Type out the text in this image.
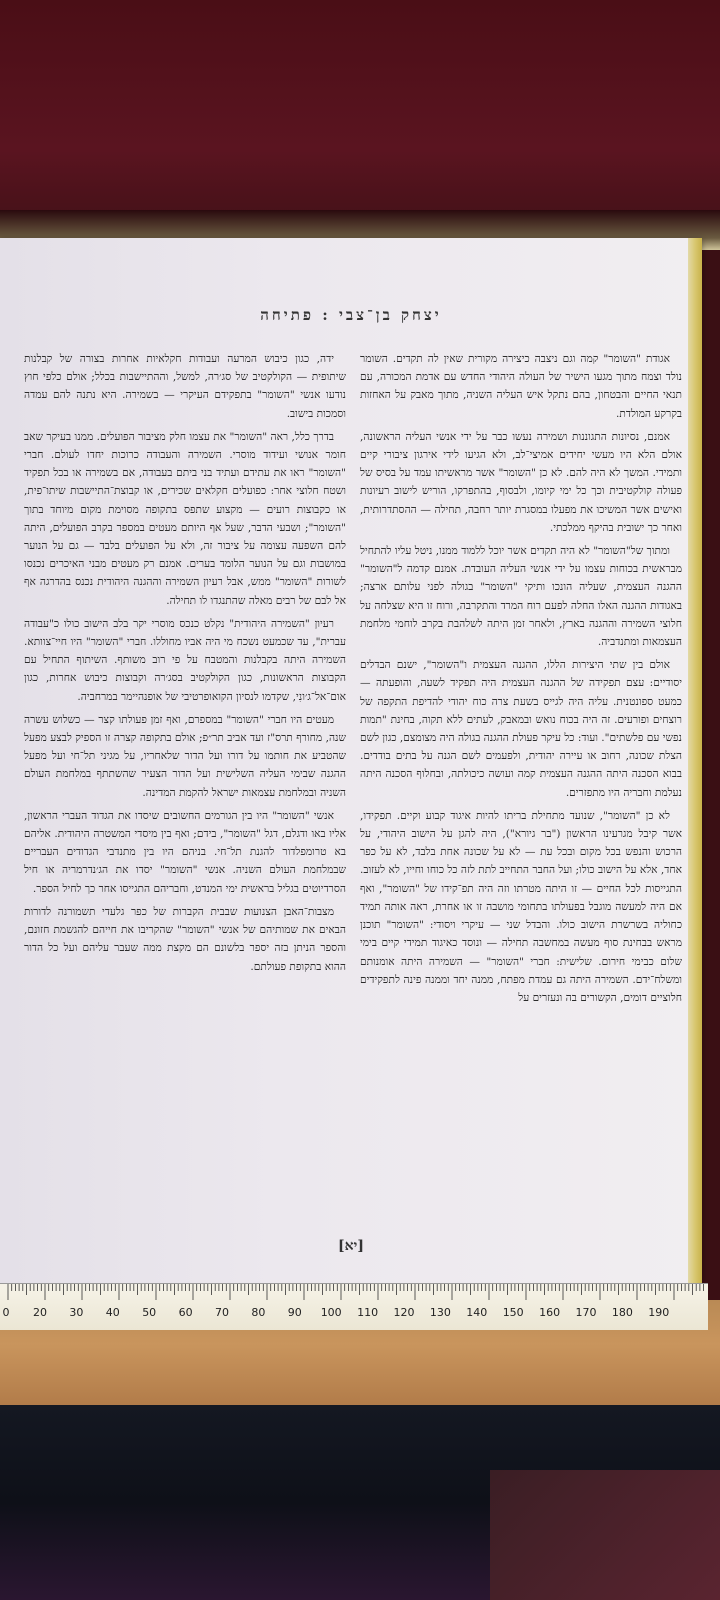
יצחק בן־צבי : פתיחה

אגודת "השומר" קמה וגם ניצבה כיצירה מקורית שאין לה תקדים. השומר נולד וצמח מתוך מגעו הישיר של העולה היהודי החדש עם אדמת המכורה, עם תנאי החיים והבטחון, בהם נתקל איש העליה השניה, מתוך מאבק על האחזות בקרקע המולדת.

אמנם, נסיונות התגוננות ושמירה נעשו כבר על ידי אנשי העליה הראשונה, אולם הלא היו מעשי יחידים אמיצי־לב, ולא הגיעו לידי אירגון ציבורי קיים ותמידי. המשך לא היה להם. לא כן "השומר" אשר מראשיתו עמד על בסיס של פעולה קולקטיבית וכך כל ימי קיומו, ולבסוף, בהתפרקו, הוריש לישוב רעיונות ואישים אשר המשיכו את מפעלו במסגרת יותר רחבה, תחילה — ההסתדרותית, ואחר כך ישובית בהיקף ממלכתי.

ומתוך של"השומר" לא היה תקדים אשר יוכל ללמוד ממנו, ניטל עליו להתחיל מבראשית בכוחות עצמו על ידי אנשי העליה העובדת. אמנם קדמה ל"השומר" ההגנה העצמית, שעליה הונכו ותיקי "השומר" בגולה לפני עלותם ארצה; באגודות ההגנה האלו החלה לפעם רוח המרד והתקרבה, ורוח זו היא שצלחה על חלוצי השמירה וההגנה בארץ, ולאחר זמן היתה לשלהבת בקרב לוחמי מלחמת העצמאות ומתנדביה.

אולם בין שתי היצירות הללו, ההגנה העצמית ו"השומר", ישנם הבדלים יסודיים: עצם תפקידה של ההגנה העצמית היה תפקיד לשעה, והופעתה — כמעט ספונטנית. עליה היה לגייס בשעת צרה כוח יהודי להדיפת התקפה של רוצחים ופורעים. זה היה בכוח נואש ובמאבק, לעתים ללא תקוה, בחינת "תמות נפשי עם פלשתים". ועוד: כל עיקר פעולת ההגנה בגולה היה מצומצם, כגון לשם הצלת שכונה, רחוב או עיירה יהודית, ולפעמים לשם הגנה על בתים בודדים. בבוא הסכנה היתה ההגנה העצמית קמה ועושה כיכולתה, ובחלוף הסכנה היתה נעלמת וחבריה היו מתפזרים.

לא כן "השומר", שנועד מתחילת בריתו להיות איגוד קבוע וקיים. תפקידו, אשר קיבל מגרעינו הראשון ("בר גיורא"), היה להגן על הישוב היהודי, על הרכוש והנפש בכל מקום ובכל עת — לא על שכונה אחת בלבד, לא על כפר אחד, אלא על הישוב כולו; ועל החבר התחייב לתת לזה כל כוחו וחייו, לא לעזוב. התגייסות לכל החיים — זו היתה מטרתו וזה היה תפ־קידו של "השומר", ואף אם היה למעשה מוגבל בפעולתו בתחומי מושבה זו או אחרת, ראה אותה תמיד כחוליה בשרשרת הישוב כולו. והבדל שני — עיקרי ויסודי: "השומר" תוכנן מראש בבחינת סוף מעשה במחשבה תחילה — ונוסד כאיגוד תמידי קיים בימי שלום כבימי חירום. שלישית: חברי "השומר" — השמירה היתה אומנותם ומשלח־ידם. השמירה היתה גם עמדת מפתח, ממנה יחד וממנה פינה לתפקידים חלוציים דומים, הקשורים בה ונעזרים על

ידה, כגון כיבוש המרעה ועבודות חקלאיות אחרות בצורה של קבלנות שיתופית — הקולקטיב של סג׳רה, למשל, וההתיישבות בכלל; אולם כלפי חוץ נודעו אנשי "השומר" בתפקידם העיקרי — בשמירה. היא נתנה להם עמדה וסמכות בישוב.

בדרך כלל, ראה "השומר" את עצמו חלק מציבור הפועלים. ממנו בעיקר שאב חומר אנושי ועידוד מוסרי. השמירה והעבודה כרוכות יחדו לעולם. חברי "השומר" ראו את עתידם ועתיד בני ביתם בעבודה, אם בשמירה או בכל תפקיד ושטח חלוצי אחר: כפועלים חקלאים שכירים, או קבוצת־התיישבות שיתו־פית, או כקבוצות רועים — מקצוע שתפס בתקופה מסוימת מקום מיוחד בתוך "השומר"; ושבעי הדבר, שעל אף היותם מעטים במספר בקרב הפועלים, היתה להם השפעה עצומה על ציבור זה, ולא על הפועלים בלבד — גם על הנוער במושבות וגם על הנוער הלומד בערים. אמנם רק מעטים מבני האיכרים נכנסו לשורות "השומר" ממש, אבל רעיון השמירה וההגנה היהודית נכנס בהדרגה אף אל לבם של רבים מאלה שהתנגדו לו תחילה.

רעיון "השמירה היהודית" נקלט כנכס מוסרי יקר בלב הישוב כולו כ"עבודה עברית", עד שכמעט נשכח מי היה אביו מחוללו. חברי "השומר" היו חיי־צוותא. השמירה היתה בקבלנות והמטבח על פי רוב משותף. השיתוף התחיל עם הקבוצות הראשונות, כגון הקולקטיב בסג׳רה וקבוצות כיבוש אחרות, כגון אום־אל־ג׳ונִי, שקדמו לנסיון הקואופרטיבי של אופנהיימר במרחביה.

מעטים היו חברי "השומר" במספרם, ואף זמן פעולתו קצר — כשלוש עשרה שנה, מחורף תרס"ז ועד אביב תר״פ; אולם בתקופה קצרה זו הספיק לבצע מפעל שהטביע את חותמו על דורו ועל הדור שלאחריו, על מגיני תל־חי ועל מפעל ההגנה שבימי העליה השלישית ועל הדור הצעיר שהשתתף במלחמת העולם השניה ובמלחמת עצמאות ישראל להקמת המדינה.

אנשי "השומר" היו בין הגורמים החשובים שיסדו את הגדוד העברי הראשון, אליו באו ודגלם, דגל "השומר", בידם; ואף בין מיסדי המשטרה היהודית. אליהם בא טרומפלדור להגנת תל־חי. בניהם היו בין מתנדבי הגדודים העבריים שבמלחמת העולם השניה. אנשי "השומר" יסדו את הג׳נדרמריה או חיל הסרדיוטים בגליל בראשית ימי המנדט, וחבריהם התגייסו אחר כך לחיל הספר.

מצבות־האבן הצנועות שבבית הקברות של כפר גלעדי תשמורנה לדורות הבאים את שמותיהם של אנשי "השומר" שהקריבו את חייהם להגשמת חזונם, והספר הניתן בזה יספר בלשונם הם מקצת ממה שעבר עליהם ועל כל הדור ההוא בתקופת פעולתם.

[יא]
0 20 30 40 50 60 70 80 90 100 110 120 130 140 150 160 170 180 190
